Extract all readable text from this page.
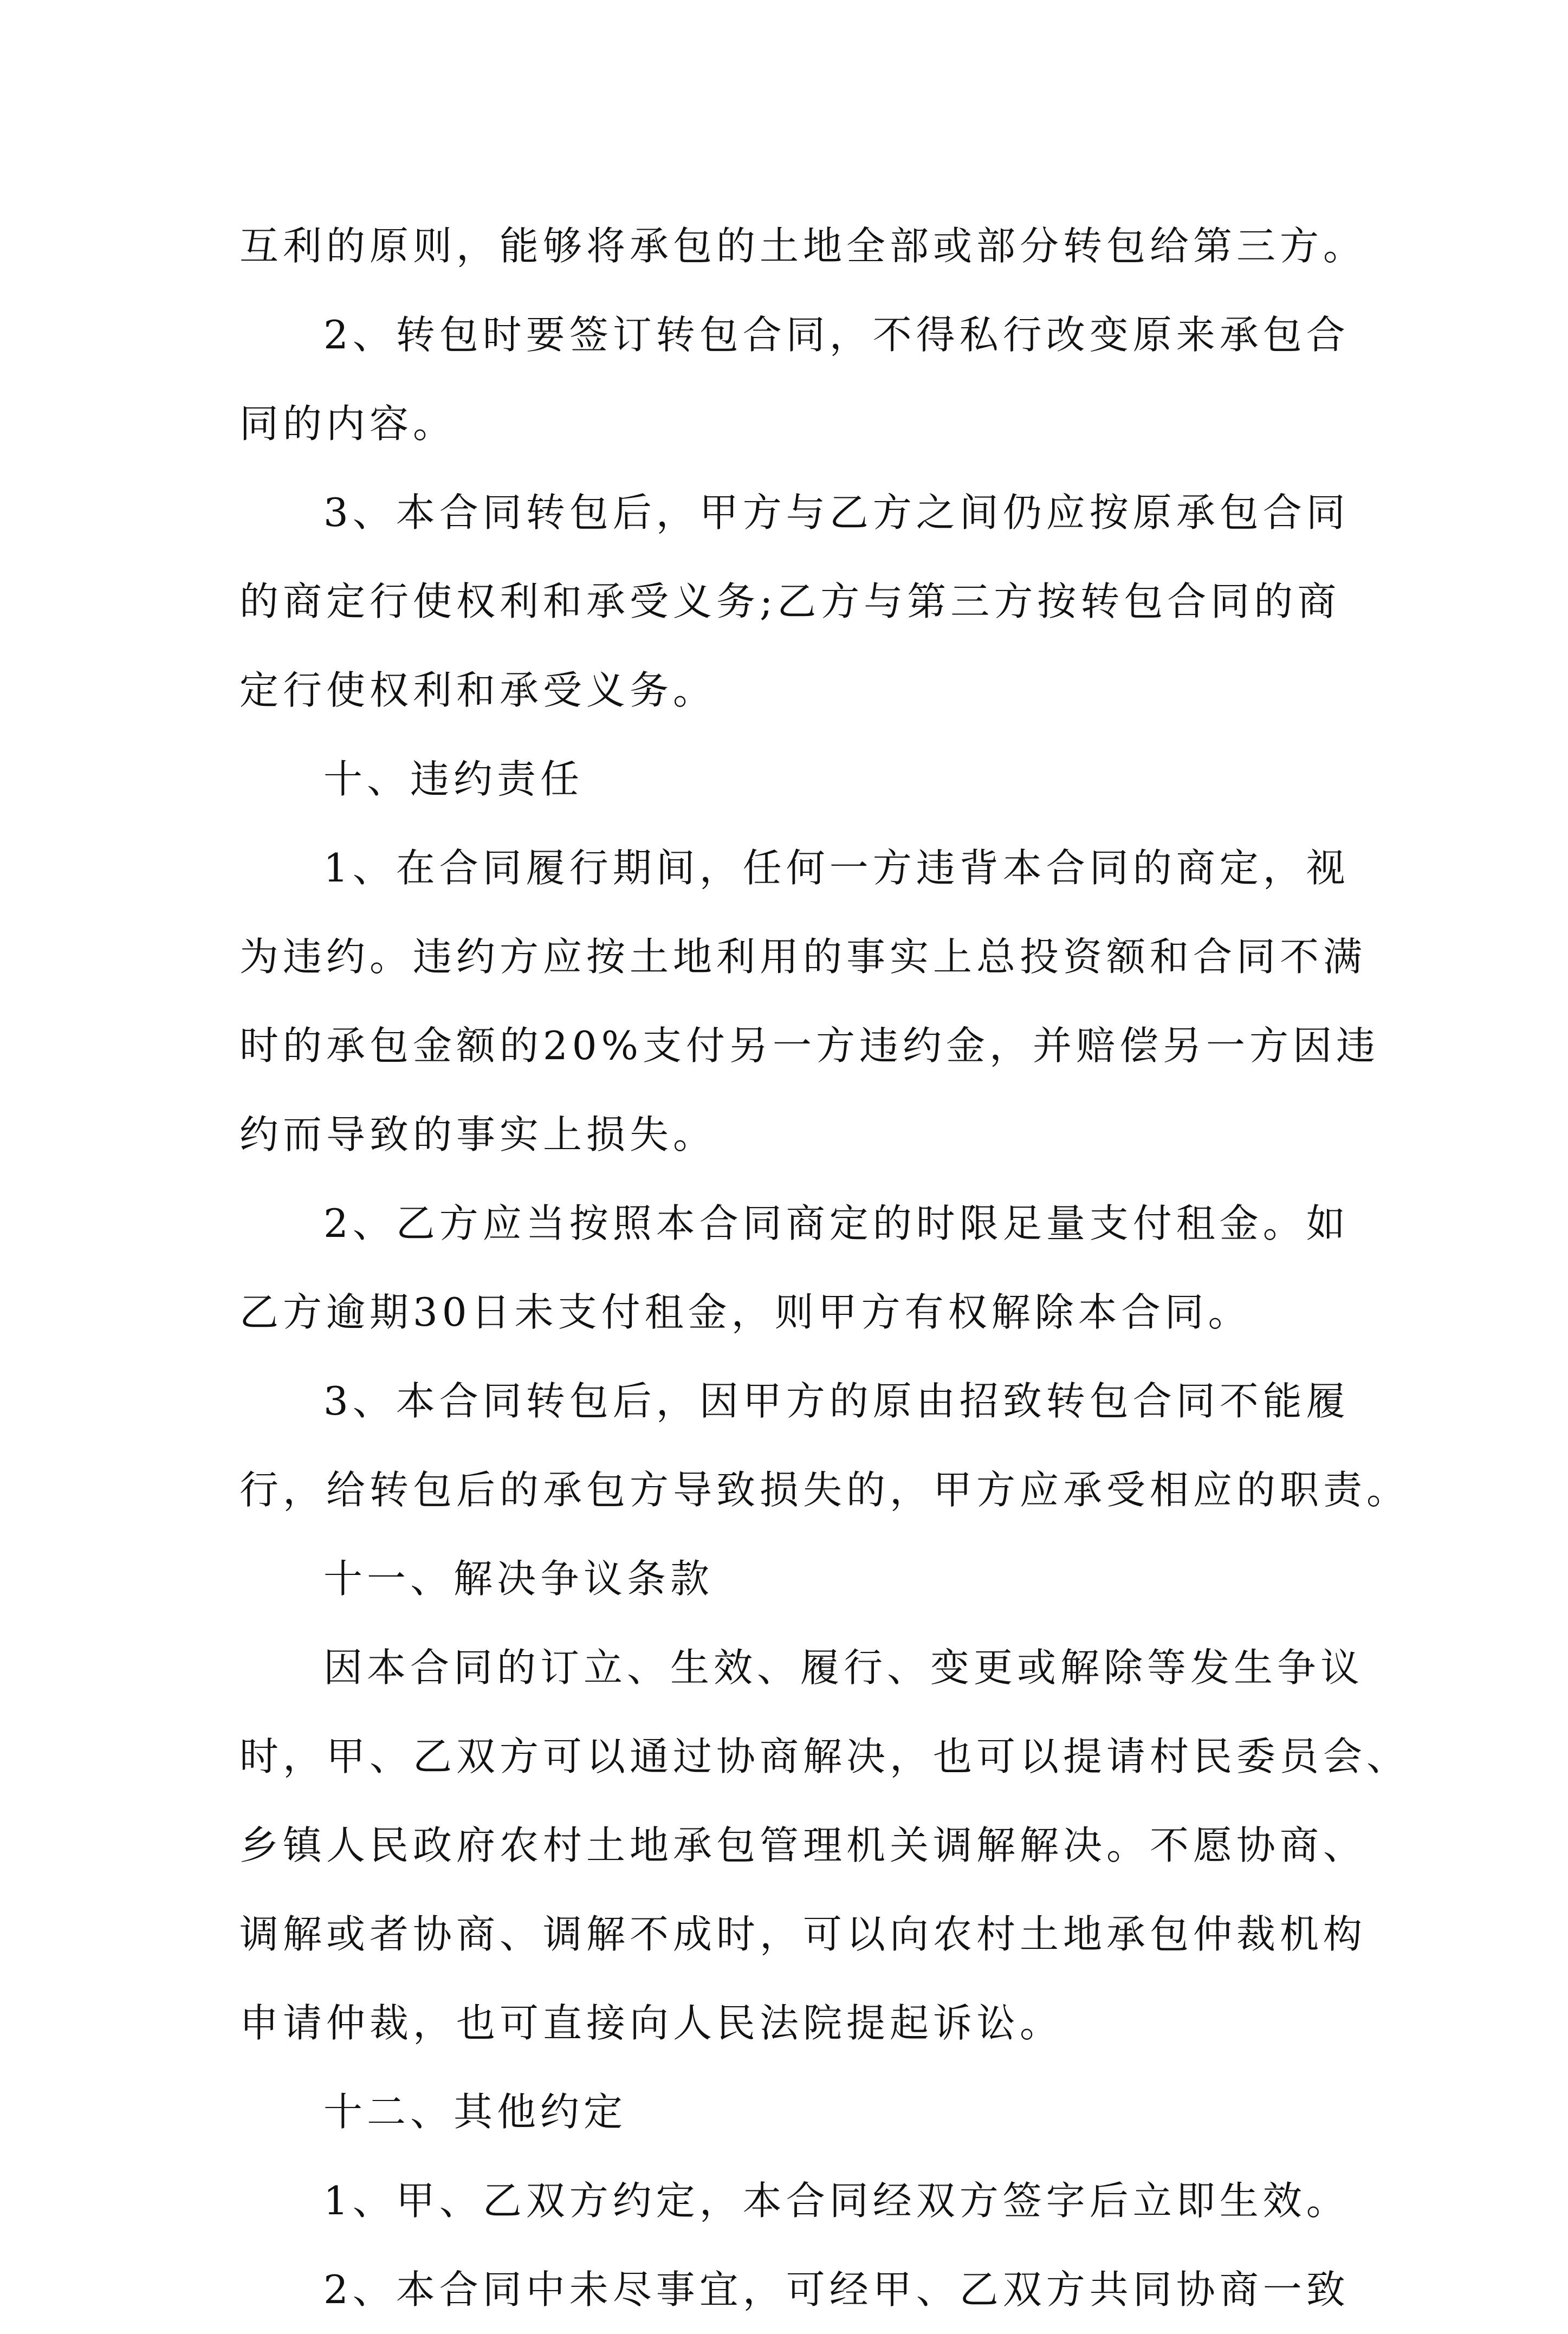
互利的原则，能够将承包的土地全部或部分转包给第三方。
2、转包时要签订转包合同，不得私行改变原来承包合
同的内容。
3、本合同转包后，甲方与乙方之间仍应按原承包合同
的商定行使权利和承受义务;乙方与第三方按转包合同的商
定行使权利和承受义务。
十、违约责任
1、在合同履行期间，任何一方违背本合同的商定，视
为违约。违约方应按土地利用的事实上总投资额和合同不满
时的承包金额的20%支付另一方违约金，并赔偿另一方因违
约而导致的事实上损失。
2、乙方应当按照本合同商定的时限足量支付租金。如
乙方逾期30日未支付租金，则甲方有权解除本合同。
3、本合同转包后，因甲方的原由招致转包合同不能履
行，给转包后的承包方导致损失的，甲方应承受相应的职责。
十一、解决争议条款
因本合同的订立、生效、履行、变更或解除等发生争议
时，甲、乙双方可以通过协商解决，也可以提请村民委员会、
乡镇人民政府农村土地承包管理机关调解解决。不愿协商、
调解或者协商、调解不成时，可以向农村土地承包仲裁机构
申请仲裁，也可直接向人民法院提起诉讼。
十二、其他约定
1、甲、乙双方约定，本合同经双方签字后立即生效。
2、本合同中未尽事宜，可经甲、乙双方共同协商一致
